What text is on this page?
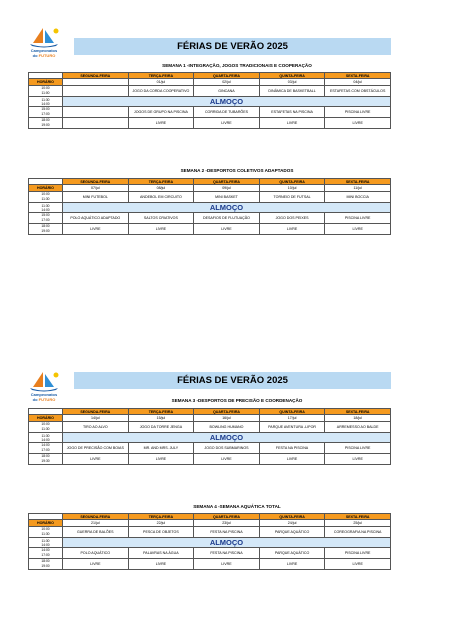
Campeonatos
do FUTURO
FÉRIAS DE VERÃO 2025
SEMANA 1 -INTEGRAÇÃO, JOGOS TRADICIONAIS E COOPERAÇÃO
	SEGUNDA-FEIRA	TERÇA-FEIRA	QUARTA-FEIRA	QUINTA-FEIRA	SEXTA-FEIRA
HORÁRIO		01/jul	02/jul	03/jul	04/jul

10:00
11:00		JOGO DA CORDA COOPERATIVO	GINCANA	DINÂMICA DE BASKETBALL	ESTAFETAS COM OBSTÁCULOS

11:30
14:00	ALMOÇO				

15:00
17:00		JOGOS DE GRUPO NA PISCINA	CORRIDA DE TUBARÕES	ESTAFETAS NA PISCINA	PISCINA LIVRE

18:00
19:00		LIVRE	LIVRE	LIVRE	LIVRE
SEMANA 2 -DESPORTOS COLETIVOS ADAPTADOS
	SEGUNDA-FEIRA	TERÇA-FEIRA	QUARTA-FEIRA	QUINTA-FEIRA	SEXTA-FEIRA
HORÁRIO	07/jul	08/jul	09/jul	10/jul	11/jul

10:00
11:30	MINI FUTEBOL	ANDEBOL EM CIRCUITO	MINI BASKET	TORNEIO DE FUTSAL	MINI BOCCIA

11:30
14:00	ALMOÇO				

15:00
17:00	POLO AQUÁTICO ADAPTADO	SALTOS CRIATIVOS	DESAFIOS DE FLUTUAÇÃO	JOGO DOS PEIXES	PISCINA LIVRE

18:00
19:00	LIVRE	LIVRE	LIVRE	LIVRE	LIVRE
Campeonatos
do FUTURO
FÉRIAS DE VERÃO 2025
SEMANA 3 -DESPORTOS DE PRECISÃO E COORDENAÇÃO
	SEGUNDA-FEIRA	TERÇA-FEIRA	QUARTA-FEIRA	QUINTA-FEIRA	SEXTA-FEIRA
HORÁRIO	14/jul	15/jul	16/jul	17/jul	18/jul

10:00
11:30	TIRO AO ALVO	JOGO DA TORRE JENGA	BOWLING HUMANO	PARQUE AVENTURA -LIPOR	ARREMESSO AO BALDE

11:30
14:00	ALMOÇO				

14:00
17:00	JOGO DE PRECISÃO COM BOIAS	MR. AND MRS. JULY	JOGO DOS SUBMARINOS	FESTA NA PISCINA	PISCINA LIVRE

18:00
19:30	LIVRE	LIVRE	LIVRE	LIVRE	LIVRE
SEMANA 4 -SEMANA AQUÁTICA TOTAL
	SEGUNDA-FEIRA	TERÇA-FEIRA	QUARTA-FEIRA	QUINTA-FEIRA	SEXTA-FEIRA
HORÁRIO	21/jul	22/jul	23/jul	24/jul	25/jul

10:00
11:30	GUERRA DE BALÕES	PESCA DE OBJETOS	FESTA NA PISCINA	PARQUE AQUÁTICO	COREOGRAFIA NA PISCINA

11:30
14:00	ALMOÇO				

14:00
17:00	POLO AQUÁTICO	PALAVRAS NA ÁGUA	FESTA NA PISCINA	PARQUE AQUÁTICO	PISCINA LIVRE

18:00
19:00	LIVRE	LIVRE	LIVRE	LIVRE	LIVRE
